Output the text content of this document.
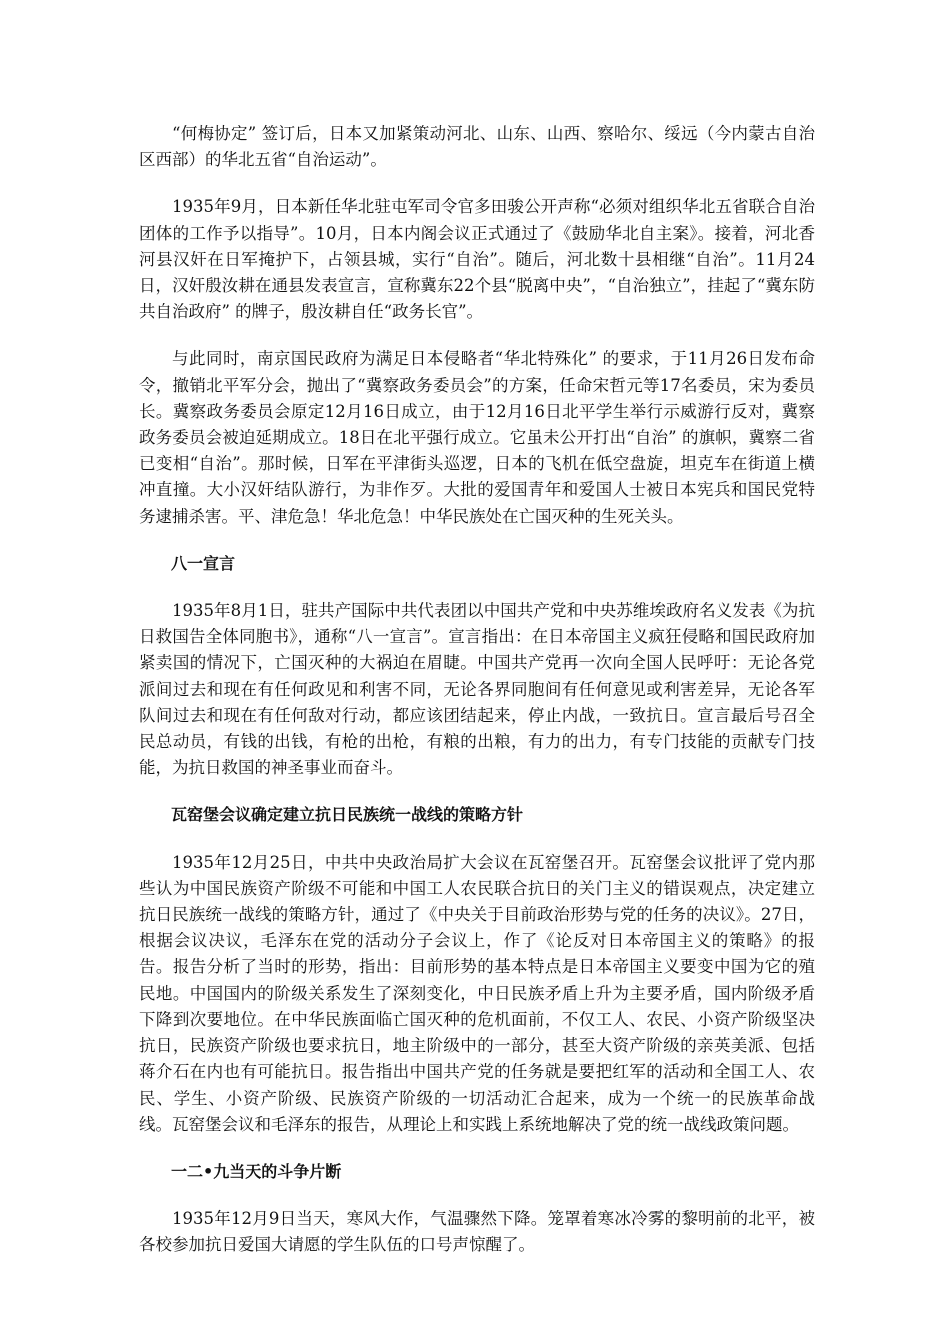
“何梅协定” 签订后，日本又加紧策动河北、山东、山西、察哈尔、绥远（今内蒙古自治区西部）的华北五省“自治运动”。

1935年9月，日本新任华北驻屯军司令官多田骏公开声称“必须对组织华北五省联合自治团体的工作予以指导”。10月，日本内阁会议正式通过了《鼓励华北自主案》。接着，河北香河县汉奸在日军掩护下，占领县城，实行“自治”。随后，河北数十县相继“自治”。11月24日，汉奸殷汝耕在通县发表宣言，宣称冀东22个县“脱离中央”，“自治独立”，挂起了“冀东防共自治政府” 的牌子，殷汝耕自任“政务长官”。

与此同时，南京国民政府为满足日本侵略者“华北特殊化” 的要求，于11月26日发布命令，撤销北平军分会，抛出了“冀察政务委员会”的方案，任命宋哲元等17名委员，宋为委员长。冀察政务委员会原定12月16日成立，由于12月16日北平学生举行示威游行反对，冀察政务委员会被迫延期成立。18日在北平强行成立。它虽未公开打出“自治” 的旗帜，冀察二省已变相“自治”。那时候，日军在平津街头巡逻，日本的飞机在低空盘旋，坦克车在街道上横冲直撞。大小汉奸结队游行，为非作歹。大批的爱国青年和爱国人士被日本宪兵和国民党特务逮捕杀害。平、津危急！华北危急！中华民族处在亡国灭种的生死关头。

八一宣言

1935年8月1日，驻共产国际中共代表团以中国共产党和中央苏维埃政府名义发表《为抗日救国告全体同胞书》，通称“八一宣言”。宣言指出：在日本帝国主义疯狂侵略和国民政府加紧卖国的情况下，亡国灭种的大祸迫在眉睫。中国共产党再一次向全国人民呼吁：无论各党派间过去和现在有任何政见和利害不同，无论各界同胞间有任何意见或利害差异，无论各军队间过去和现在有任何敌对行动，都应该团结起来，停止内战，一致抗日。宣言最后号召全民总动员，有钱的出钱，有枪的出枪，有粮的出粮，有力的出力，有专门技能的贡献专门技能，为抗日救国的神圣事业而奋斗。

瓦窑堡会议确定建立抗日民族统一战线的策略方针

1935年12月25日，中共中央政治局扩大会议在瓦窑堡召开。瓦窑堡会议批评了党内那些认为中国民族资产阶级不可能和中国工人农民联合抗日的关门主义的错误观点，决定建立抗日民族统一战线的策略方针，通过了《中央关于目前政治形势与党的任务的决议》。27日，根据会议决议，毛泽东在党的活动分子会议上，作了《论反对日本帝国主义的策略》的报告。报告分析了当时的形势，指出：目前形势的基本特点是日本帝国主义要变中国为它的殖民地。中国国内的阶级关系发生了深刻变化，中日民族矛盾上升为主要矛盾，国内阶级矛盾下降到次要地位。在中华民族面临亡国灭种的危机面前，不仅工人、农民、小资产阶级坚决抗日，民族资产阶级也要求抗日，地主阶级中的一部分，甚至大资产阶级的亲英美派、包括蒋介石在内也有可能抗日。报告指出中国共产党的任务就是要把红军的活动和全国工人、农民、学生、小资产阶级、民族资产阶级的一切活动汇合起来，成为一个统一的民族革命战线。瓦窑堡会议和毛泽东的报告，从理论上和实践上系统地解决了党的统一战线政策问题。

一二•九当天的斗争片断

1935年12月9日当天，寒风大作，气温骤然下降。笼罩着寒冰冷雾的黎明前的北平，被各校参加抗日爱国大请愿的学生队伍的口号声惊醒了。
